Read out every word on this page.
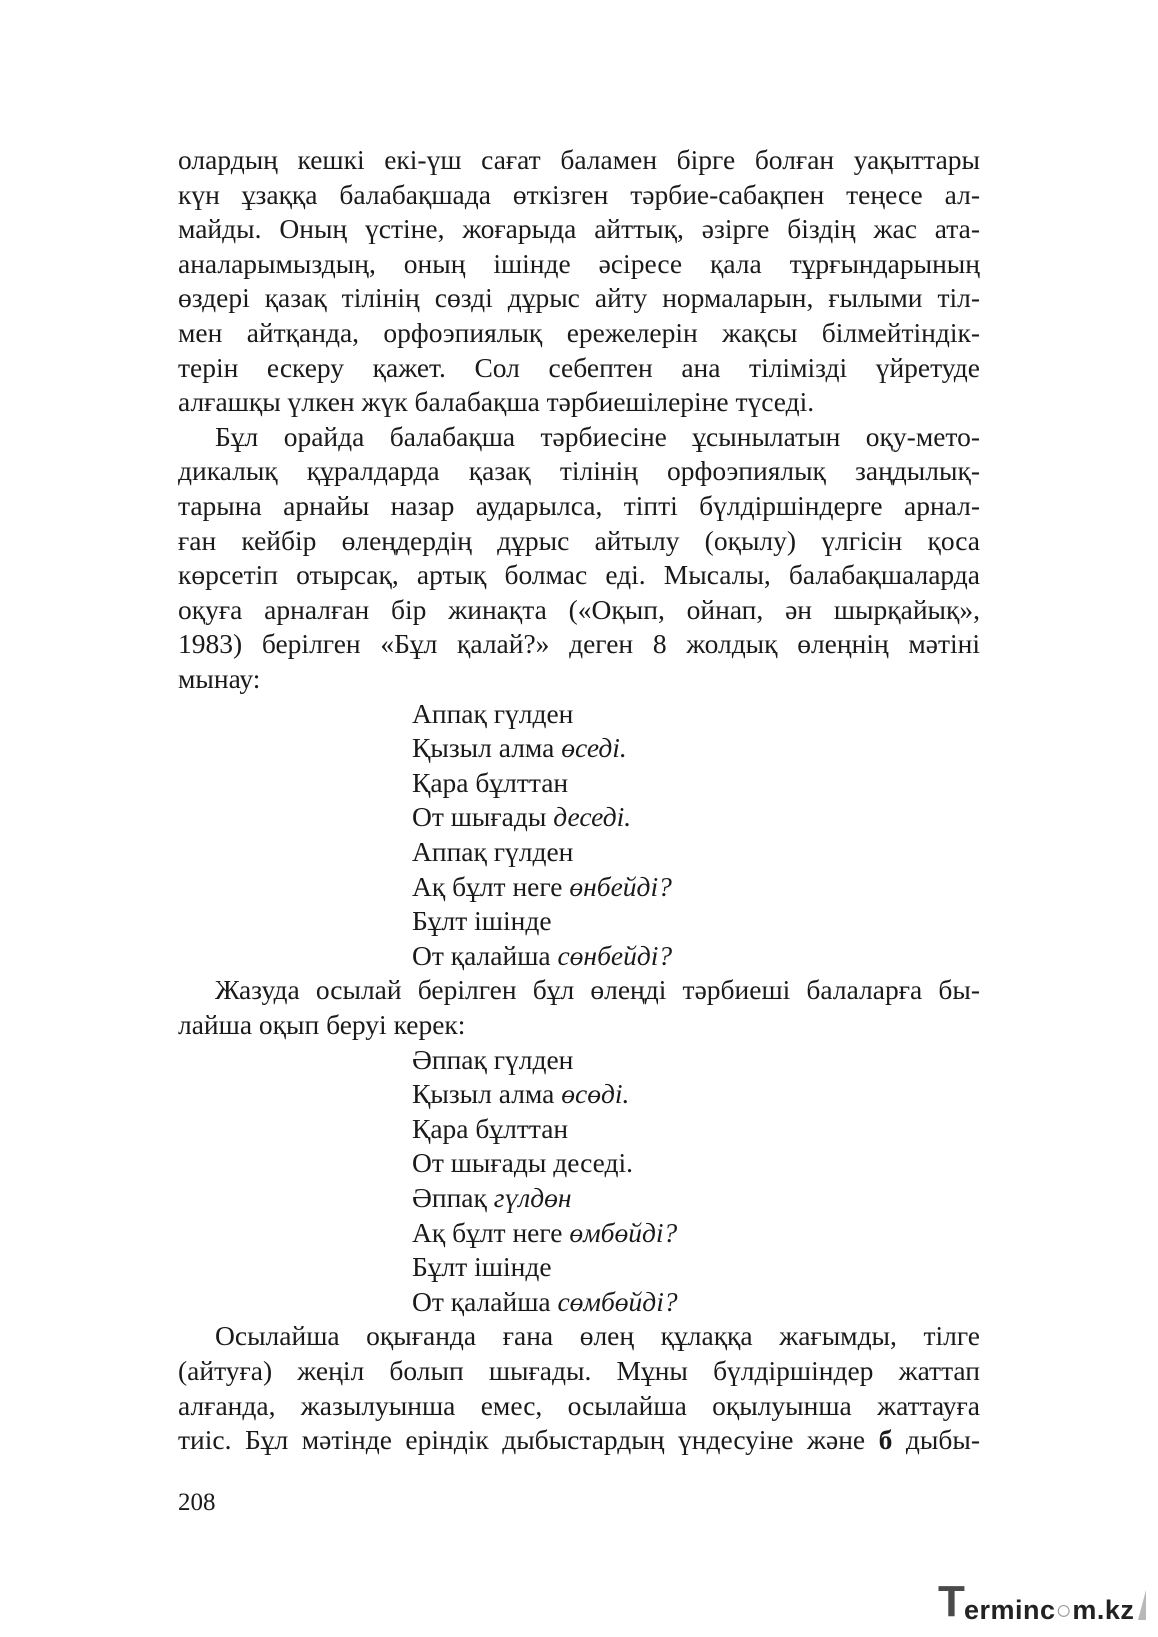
олардың кешкі екі-үш сағат баламен бірге болған уақыттары
күн ұзаққа балабақшада өткізген тәрбие-сабақпен теңесе ал-
майды. Оның үстіне, жоғарыда айттық, әзірге біздің жас ата-
аналарымыздың, оның ішінде әсіресе қала тұрғындарының
өздері қазақ тілінің сөзді дұрыс айту нормаларын, ғылыми тіл-
мен айтқанда, орфоэпиялық ережелерін жақсы білмейтіндік-
терін ескеру қажет. Сол себептен ана тілімізді үйретуде
алғашқы үлкен жүк балабақша тәрбиешілеріне түседі.
Бұл орайда балабақша тәрбиесіне ұсынылатын оқу-мето-
дикалық құралдарда қазақ тілінің орфоэпиялық заңдылық-
тарына арнайы назар аударылса, тіпті бүлдіршіндерге арнал-
ған кейбір өлеңдердің дұрыс айтылу (оқылу) үлгісін қоса
көрсетіп отырсақ, артық болмас еді. Мысалы, балабақшаларда
оқуға арналған бір жинақта («Оқып, ойнап, ән шырқайық»,
1983) берілген «Бұл қалай?» деген 8 жолдық өлеңнің мәтіні
мынау:
Аппақ гүлден
Қызыл алма өседі.
Қара бұлттан
От шығады деседі.
Аппақ гүлден
Ақ бұлт неге өнбейді?
Бұлт ішінде
От қалайша сөнбейді?
Жазуда осылай берілген бұл өлеңді тәрбиеші балаларға бы-
лайша оқып беруі керек:
Әппақ гүлден
Қызыл алма өсөді.
Қара бұлттан
От шығады деседі.
Әппақ гүлдөн
Ақ бұлт неге өмбөйді?
Бұлт ішінде
От қалайша сөмбөйді?
Осылайша оқығанда ғана өлең құлаққа жағымды, тілге
(айтуға) жеңіл болып шығады. Мұны бүлдіршіндер жаттап
алғанда, жазылуынша емес, осылайша оқылуынша жаттауға
тиіс. Бұл мәтінде еріндік дыбыстардың үндесуіне және б дыбы-
208
T erminc○m.kz
